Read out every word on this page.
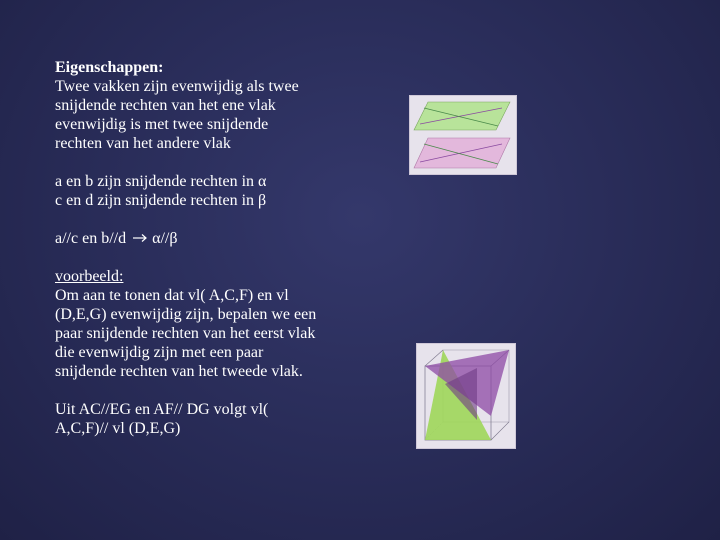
Eigenschappen:

Twee vakken zijn evenwijdig als twee

snijdende rechten van het ene vlak

evenwijdig is met twee snijdende

rechten van het andere vlak

a en b zijn snijdende rechten in α

c en d zijn snijdende rechten in β

a//c en b//d α//β

voorbeeld:

Om aan te tonen dat vl( A,C,F) en vl

(D,E,G) evenwijdig zijn, bepalen we een

paar snijdende rechten van het eerst vlak

die evenwijdig zijn met een paar

snijdende rechten van het tweede vlak.

Uit AC//EG en AF// DG volgt vl(

A,C,F)// vl (D,E,G)
